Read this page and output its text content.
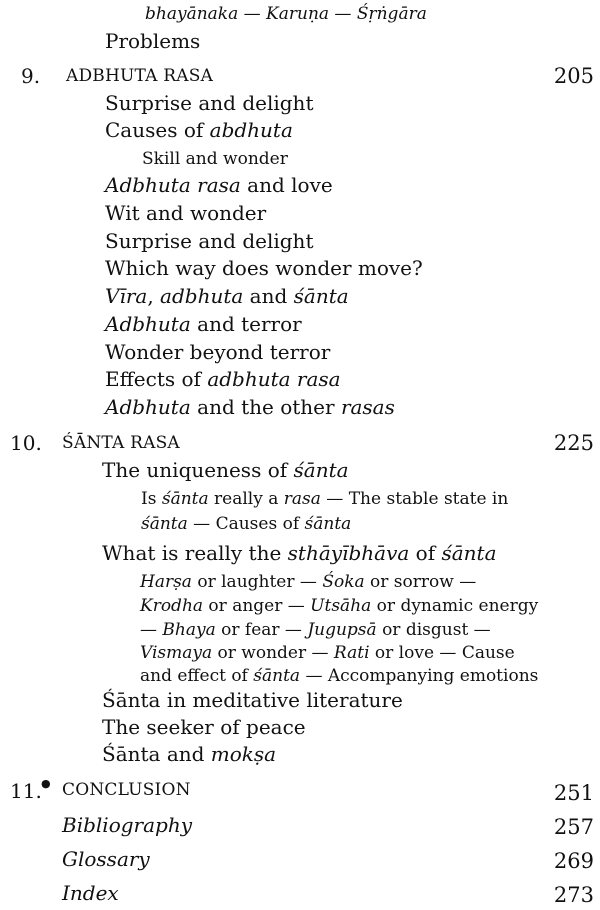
bhayānaka — Karuṇa — Śṛṅgāra
Problems
9. ADBHUTA RASA	205
Surprise and delight
Causes of abdhuta
Skill and wonder
Adbhuta rasa and love
Wit and wonder
Surprise and delight
Which way does wonder move?
Vīra, adbhuta and śānta
Adbhuta and terror
Wonder beyond terror
Effects of adbhuta rasa
Adbhuta and the other rasas
10. ŚĀNTA RASA	225
The uniqueness of śānta
Is śānta really a rasa — The stable state in
śānta — Causes of śānta
What is really the sthāyībhāva of śānta
Harṣa or laughter — Śoka or sorrow —
Krodha or anger — Utsāha or dynamic energy
— Bhaya or fear — Jugupsā or disgust —
Vismaya or wonder — Rati or love — Cause
and effect of śānta — Accompanying emotions
Śānta in meditative literature
The seeker of peace
Śānta and mokṣa
11. ● CONCLUSION	251
Bibliography	257
Glossary	269
Index	273
